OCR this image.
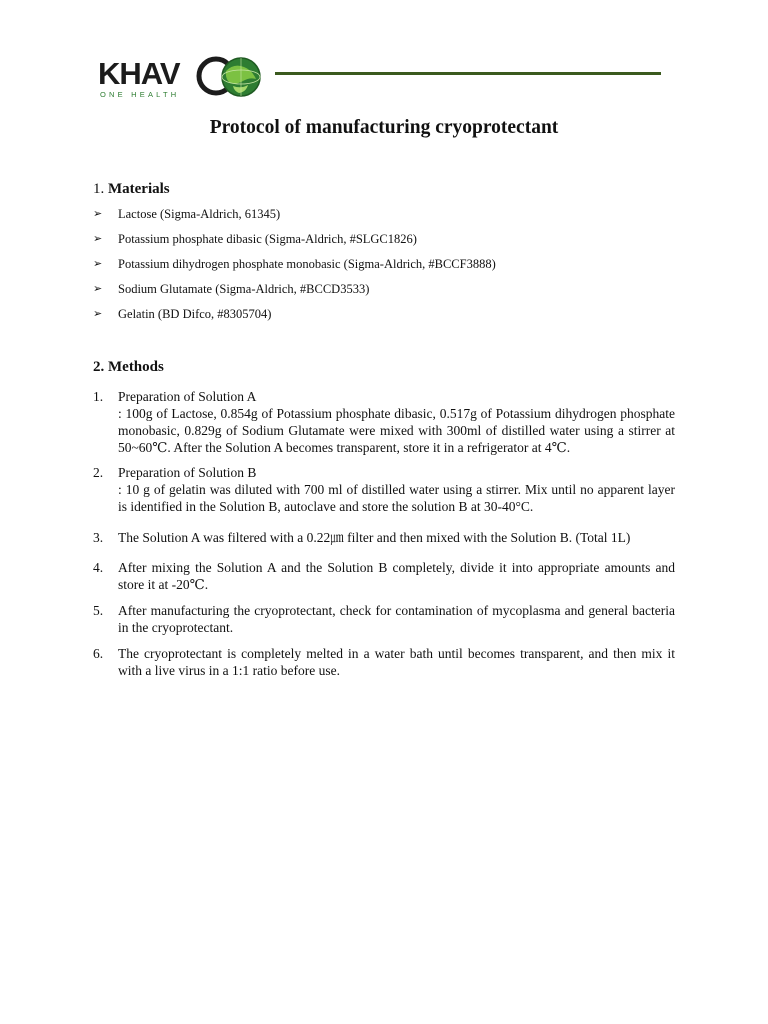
KHAV
ONE HEALTH
Protocol of manufacturing cryoprotectant
1. Materials
➢	Lactose (Sigma-Aldrich, 61345)
➢	Potassium phosphate dibasic (Sigma-Aldrich, #SLGC1826)
➢	Potassium dihydrogen phosphate monobasic (Sigma-Aldrich, #BCCF3888)
➢	Sodium Glutamate (Sigma-Aldrich, #BCCD3533)
➢	Gelatin (BD Difco, #8305704)
2. Methods
1. Preparation of Solution A
: 100g of Lactose, 0.854g of Potassium phosphate dibasic, 0.517g of Potassium dihydrogen phosphate monobasic, 0.829g of Sodium Glutamate were mixed with 300ml of distilled water using a stirrer at 50~60℃. After the Solution A becomes transparent, store it in a refrigerator at 4℃.
2. Preparation of Solution B
: 10 g of gelatin was diluted with 700 ml of distilled water using a stirrer. Mix until no apparent layer is identified in the Solution B, autoclave and store the solution B at 30-40°C.
3. The Solution A was filtered with a 0.22㎛ filter and then mixed with the Solution B. (Total 1L)
4. After mixing the Solution A and the Solution B completely, divide it into appropriate amounts and store it at -20℃.
5. After manufacturing the cryoprotectant, check for contamination of mycoplasma and general bacteria in the cryoprotectant.
6. The cryoprotectant is completely melted in a water bath until becomes transparent, and then mix it with a live virus in a 1:1 ratio before use.
